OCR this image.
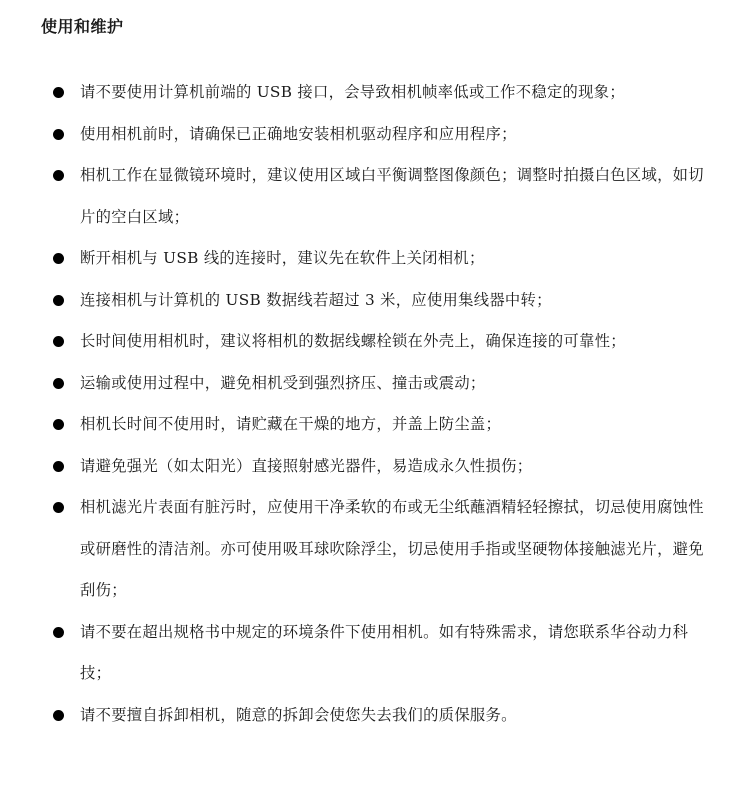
使用和维护
请不要使用计算机前端的 USB 接口，会导致相机帧率低或工作不稳定的现象；
使用相机前时，请确保已正确地安装相机驱动程序和应用程序；
相机工作在显微镜环境时，建议使用区域白平衡调整图像颜色；调整时拍摄白色区域，如切片的空白区域；
断开相机与 USB 线的连接时，建议先在软件上关闭相机；
连接相机与计算机的 USB 数据线若超过 3 米，应使用集线器中转；
长时间使用相机时，建议将相机的数据线螺栓锁在外壳上，确保连接的可靠性；
运输或使用过程中，避免相机受到强烈挤压、撞击或震动；
相机长时间不使用时，请贮藏在干燥的地方，并盖上防尘盖；
请避免强光（如太阳光）直接照射感光器件，易造成永久性损伤；
相机滤光片表面有脏污时，应使用干净柔软的布或无尘纸蘸酒精轻轻擦拭，切忌使用腐蚀性或研磨性的清洁剂。亦可使用吸耳球吹除浮尘，切忌使用手指或坚硬物体接触滤光片，避免刮伤；
请不要在超出规格书中规定的环境条件下使用相机。如有特殊需求，请您联系华谷动力科技；
请不要擅自拆卸相机，随意的拆卸会使您失去我们的质保服务。
